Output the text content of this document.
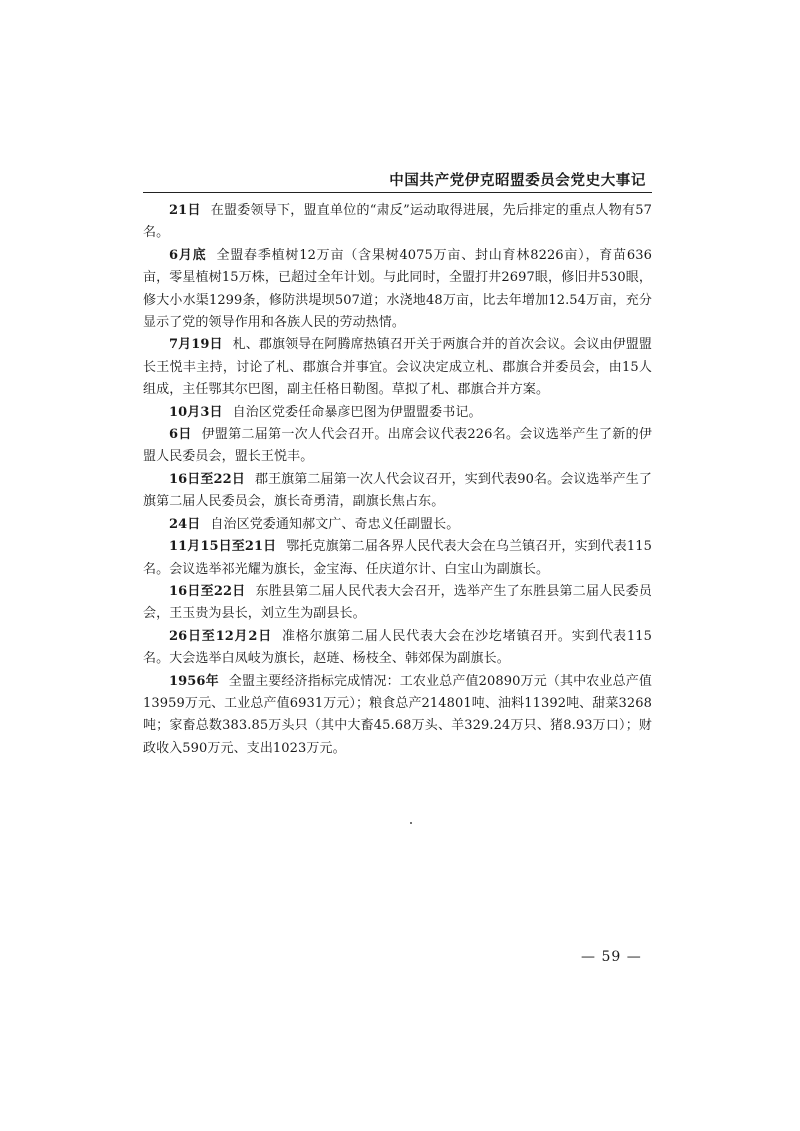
中国共产党伊克昭盟委员会党史大事记

21日 在盟委领导下，盟直单位的“肃反”运动取得进展，先后排定的重点人物有57名。

6月底 全盟春季植树12万亩（含果树4075万亩、封山育林8226亩），育苗636亩，零星植树15万株，已超过全年计划。与此同时，全盟打井2697眼，修旧井530眼，修大小水渠1299条，修防洪堤坝507道；水浇地48万亩，比去年增加12.54万亩，充分显示了党的领导作用和各族人民的劳动热情。

7月19日 札、郡旗领导在阿腾席热镇召开关于两旗合并的首次会议。会议由伊盟盟长王悦丰主持，讨论了札、郡旗合并事宜。会议决定成立札、郡旗合并委员会，由15人组成，主任鄂其尔巴图，副主任格日勒图。草拟了札、郡旗合并方案。

10月3日 自治区党委任命暴彦巴图为伊盟盟委书记。

6日 伊盟第二届第一次人代会召开。出席会议代表226名。会议选举产生了新的伊盟人民委员会，盟长王悦丰。

16日至22日 郡王旗第二届第一次人代会议召开，实到代表90名。会议选举产生了旗第二届人民委员会，旗长奇勇清，副旗长焦占东。

24日 自治区党委通知郝文广、奇忠义任副盟长。

11月15日至21日 鄂托克旗第二届各界人民代表大会在乌兰镇召开，实到代表115名。会议选举祁光耀为旗长，金宝海、任庆道尔计、白宝山为副旗长。

16日至22日 东胜县第二届人民代表大会召开，选举产生了东胜县第二届人民委员会，王玉贵为县长，刘立生为副县长。

26日至12月2日 准格尔旗第二届人民代表大会在沙圪堵镇召开。实到代表115名。大会选举白凤岐为旗长，赵琏、杨枝全、韩郊保为副旗长。

1956年 全盟主要经济指标完成情况：工农业总产值20890万元（其中农业总产值13959万元、工业总产值6931万元）；粮食总产214801吨、油料11392吨、甜菜3268吨；家畜总数383.85万头只（其中大畜45.68万头、羊329.24万只、猪8.93万口）；财政收入590万元、支出1023万元。

— 59 —
